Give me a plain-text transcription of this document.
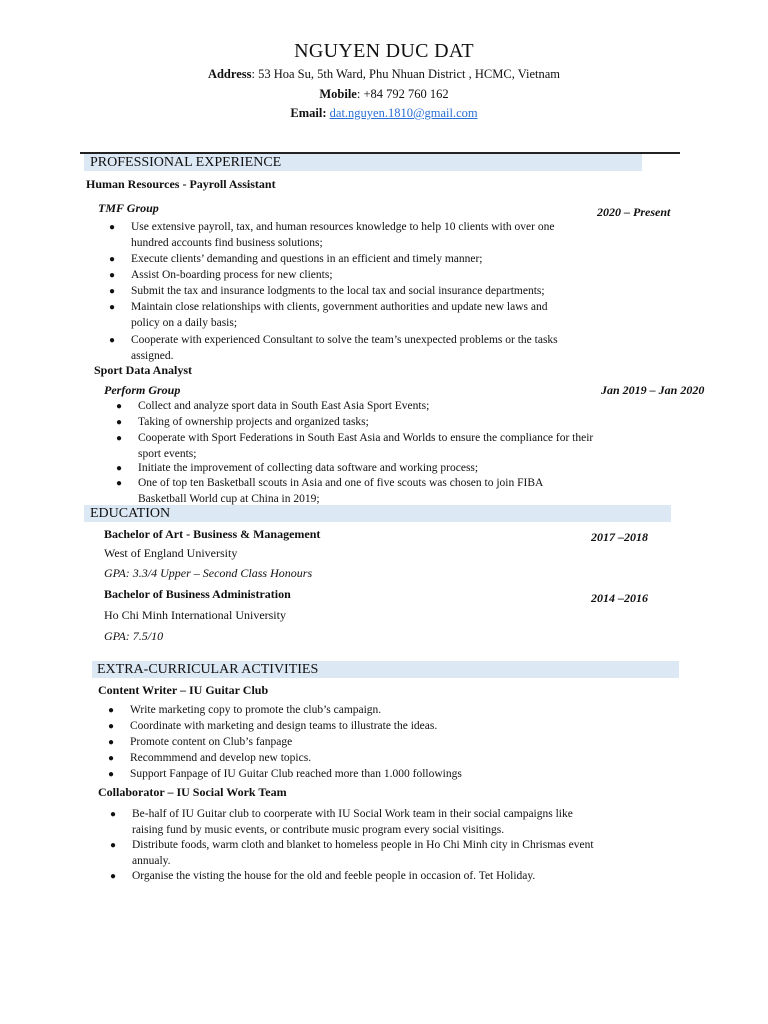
NGUYEN DUC DAT
Address: 53 Hoa Su, 5th Ward, Phu Nhuan District , HCMC, Vietnam
Mobile: +84 792 760 162
Email: dat.nguyen.1810@gmail.com
PROFESSIONAL EXPERIENCE
Human Resources - Payroll Assistant
TMF Group	2020 – Present
● Use extensive payroll, tax, and human resources knowledge to help 10 clients with over one hundred accounts find business solutions;
● Execute clients’ demanding and questions in an efficient and timely manner;
● Assist On-boarding process for new clients;
● Submit the tax and insurance lodgments to the local tax and social insurance departments;
● Maintain close relationships with clients, government authorities and update new laws and policy on a daily basis;
● Cooperate with experienced Consultant to solve the team’s unexpected problems or the tasks assigned.
Sport Data Analyst
Perform Group	Jan 2019 – Jan 2020
● Collect and analyze sport data in South East Asia Sport Events;
● Taking of ownership projects and organized tasks;
● Cooperate with Sport Federations in South East Asia and Worlds to ensure the compliance for their sport events;
● Initiate the improvement of collecting data software and working process;
● One of top ten Basketball scouts in Asia and one of five scouts was chosen to join FIBA Basketball World cup at China in 2019;
EDUCATION
Bachelor of Art - Business & Management	2017 –2018
West of England University
GPA: 3.3/4 Upper – Second Class Honours
Bachelor of Business Administration	2014 –2016
Ho Chi Minh International University
GPA: 7.5/10
EXTRA-CURRICULAR ACTIVITIES
Content Writer – IU Guitar Club
● Write marketing copy to promote the club’s campaign.
● Coordinate with marketing and design teams to illustrate the ideas.
● Promote content on Club’s fanpage
● Recommmend and develop new topics.
● Support Fanpage of IU Guitar Club reached more than 1.000 followings
Collaborator – IU Social Work Team
● Be-half of IU Guitar club to coorperate with IU Social Work team in their social campaigns like raising fund by music events, or contribute music program every social visitings.
● Distribute foods, warm cloth and blanket to homeless people in Ho Chi Minh city in Chrismas event annualy.
● Organise the visting the house for the old and feeble people in occasion of. Tet Holiday.
